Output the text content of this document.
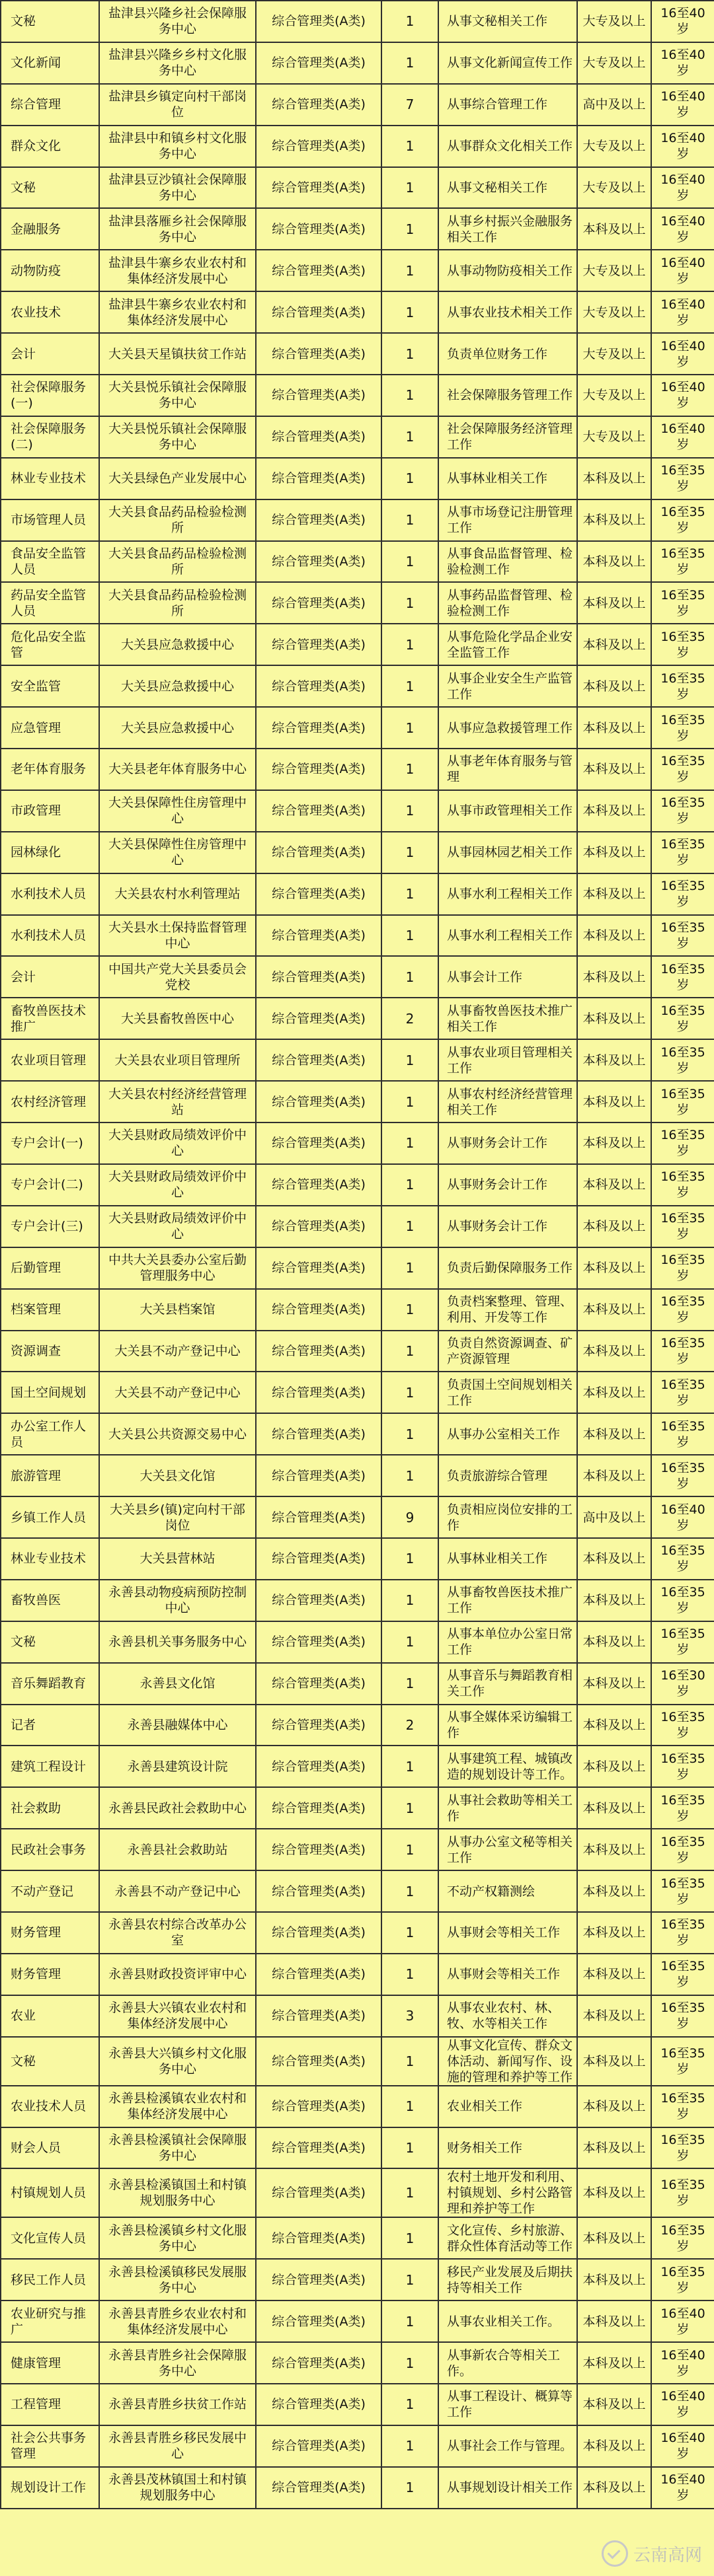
文秘	盐津县兴隆乡社会保障服务中心	综合管理类(A类)	1	从事文秘相关工作	大专及以上	16至40岁
文化新闻	盐津县兴隆乡乡村文化服务中心	综合管理类(A类)	1	从事文化新闻宣传工作	大专及以上	16至40岁
综合管理	盐津县乡镇定向村干部岗位	综合管理类(A类)	7	从事综合管理工作	高中及以上	16至40岁
群众文化	盐津县中和镇乡村文化服务中心	综合管理类(A类)	1	从事群众文化相关工作	大专及以上	16至40岁
文秘	盐津县豆沙镇社会保障服务中心	综合管理类(A类)	1	从事文秘相关工作	大专及以上	16至40岁
金融服务	盐津县落雁乡社会保障服务中心	综合管理类(A类)	1	从事乡村振兴金融服务相关工作	本科及以上	16至40岁
动物防疫	盐津县牛寨乡农业农村和集体经济发展中心	综合管理类(A类)	1	从事动物防疫相关工作	大专及以上	16至40岁
农业技术	盐津县牛寨乡农业农村和集体经济发展中心	综合管理类(A类)	1	从事农业技术相关工作	大专及以上	16至40岁
会计	大关县天星镇扶贫工作站	综合管理类(A类)	1	负责单位财务工作	大专及以上	16至40岁
社会保障服务(一)	大关县悦乐镇社会保障服务中心	综合管理类(A类)	1	社会保障服务管理工作	大专及以上	16至40岁
社会保障服务(二)	大关县悦乐镇社会保障服务中心	综合管理类(A类)	1	社会保障服务经济管理工作	大专及以上	16至40岁
林业专业技术	大关县绿色产业发展中心	综合管理类(A类)	1	从事林业相关工作	本科及以上	16至35岁
市场管理人员	大关县食品药品检验检测所	综合管理类(A类)	1	从事市场登记注册管理工作	本科及以上	16至35岁
食品安全监管人员	大关县食品药品检验检测所	综合管理类(A类)	1	从事食品监督管理、检验检测工作	本科及以上	16至35岁
药品安全监管人员	大关县食品药品检验检测所	综合管理类(A类)	1	从事药品监督管理、检验检测工作	本科及以上	16至35岁
危化品安全监管	大关县应急救援中心	综合管理类(A类)	1	从事危险化学品企业安全监管工作	本科及以上	16至35岁
安全监管	大关县应急救援中心	综合管理类(A类)	1	从事企业安全生产监管工作	本科及以上	16至35岁
应急管理	大关县应急救援中心	综合管理类(A类)	1	从事应急救援管理工作	本科及以上	16至35岁
老年体育服务	大关县老年体育服务中心	综合管理类(A类)	1	从事老年体育服务与管理	本科及以上	16至35岁
市政管理	大关县保障性住房管理中心	综合管理类(A类)	1	从事市政管理相关工作	本科及以上	16至35岁
园林绿化	大关县保障性住房管理中心	综合管理类(A类)	1	从事园林园艺相关工作	本科及以上	16至35岁
水利技术人员	大关县农村水利管理站	综合管理类(A类)	1	从事水利工程相关工作	本科及以上	16至35岁
水利技术人员	大关县水土保持监督管理中心	综合管理类(A类)	1	从事水利工程相关工作	本科及以上	16至35岁
会计	中国共产党大关县委员会党校	综合管理类(A类)	1	从事会计工作	本科及以上	16至35岁
畜牧兽医技术推广	大关县畜牧兽医中心	综合管理类(A类)	2	从事畜牧兽医技术推广相关工作	本科及以上	16至35岁
农业项目管理	大关县农业项目管理所	综合管理类(A类)	1	从事农业项目管理相关工作	本科及以上	16至35岁
农村经济管理	大关县农村经济经营管理站	综合管理类(A类)	1	从事农村经济经营管理相关工作	本科及以上	16至35岁
专户会计(一)	大关县财政局绩效评价中心	综合管理类(A类)	1	从事财务会计工作	本科及以上	16至35岁
专户会计(二)	大关县财政局绩效评价中心	综合管理类(A类)	1	从事财务会计工作	本科及以上	16至35岁
专户会计(三)	大关县财政局绩效评价中心	综合管理类(A类)	1	从事财务会计工作	本科及以上	16至35岁
后勤管理	中共大关县委办公室后勤管理服务中心	综合管理类(A类)	1	负责后勤保障服务工作	本科及以上	16至35岁
档案管理	大关县档案馆	综合管理类(A类)	1	负责档案整理、管理、利用、开发等工作	本科及以上	16至35岁
资源调查	大关县不动产登记中心	综合管理类(A类)	1	负责自然资源调查、矿产资源管理	本科及以上	16至35岁
国土空间规划	大关县不动产登记中心	综合管理类(A类)	1	负责国土空间规划相关工作	本科及以上	16至35岁
办公室工作人员	大关县公共资源交易中心	综合管理类(A类)	1	从事办公室相关工作	本科及以上	16至35岁
旅游管理	大关县文化馆	综合管理类(A类)	1	负责旅游综合管理	本科及以上	16至35岁
乡镇工作人员	大关县乡(镇)定向村干部岗位	综合管理类(A类)	9	负责相应岗位安排的工作	高中及以上	16至40岁
林业专业技术	大关县营林站	综合管理类(A类)	1	从事林业相关工作	本科及以上	16至35岁
畜牧兽医	永善县动物疫病预防控制中心	综合管理类(A类)	1	从事畜牧兽医技术推广工作	本科及以上	16至35岁
文秘	永善县机关事务服务中心	综合管理类(A类)	1	从事本单位办公室日常工作	本科及以上	16至35岁
音乐舞蹈教育	永善县文化馆	综合管理类(A类)	1	从事音乐与舞蹈教育相关工作	本科及以上	16至30岁
记者	永善县融媒体中心	综合管理类(A类)	2	从事全媒体采访编辑工作	本科及以上	16至35岁
建筑工程设计	永善县建筑设计院	综合管理类(A类)	1	从事建筑工程、城镇改造的规划设计等工作。	本科及以上	16至35岁
社会救助	永善县民政社会救助中心	综合管理类(A类)	1	从事社会救助等相关工作	本科及以上	16至35岁
民政社会事务	永善县社会救助站	综合管理类(A类)	1	从事办公室文秘等相关工作	本科及以上	16至35岁
不动产登记	永善县不动产登记中心	综合管理类(A类)	1	不动产权籍测绘	本科及以上	16至35岁
财务管理	永善县农村综合改革办公室	综合管理类(A类)	1	从事财会等相关工作	本科及以上	16至35岁
财务管理	永善县财政投资评审中心	综合管理类(A类)	1	从事财会等相关工作	本科及以上	16至35岁
农业	永善县大兴镇农业农村和集体经济发展中心	综合管理类(A类)	3	从事农业农村、林、牧、水等相关工作	本科及以上	16至35岁
文秘	永善县大兴镇乡村文化服务中心	综合管理类(A类)	1	从事文化宣传、群众文体活动、新闻写作、设施的管理和养护等工作	本科及以上	16至35岁
农业技术人员	永善县检溪镇农业农村和集体经济发展中心	综合管理类(A类)	1	农业相关工作	本科及以上	16至35岁
财会人员	永善县检溪镇社会保障服务中心	综合管理类(A类)	1	财务相关工作	本科及以上	16至35岁
村镇规划人员	永善县检溪镇国土和村镇规划服务中心	综合管理类(A类)	1	农村土地开发和利用、村镇规划、乡村公路管理和养护等工作	本科及以上	16至35岁
文化宣传人员	永善县检溪镇乡村文化服务中心	综合管理类(A类)	1	文化宣传、乡村旅游、群众性体育活动等工作	本科及以上	16至35岁
移民工作人员	永善县检溪镇移民发展服务中心	综合管理类(A类)	1	移民产业发展及后期扶持等相关工作	本科及以上	16至35岁
农业研究与推广	永善县青胜乡农业农村和集体经济发展中心	综合管理类(A类)	1	从事农业相关工作。	本科及以上	16至40岁
健康管理	永善县青胜乡社会保障服务中心	综合管理类(A类)	1	从事新农合等相关工作。	本科及以上	16至40岁
工程管理	永善县青胜乡扶贫工作站	综合管理类(A类)	1	从事工程设计、概算等工作	本科及以上	16至40岁
社会公共事务管理	永善县青胜乡移民发展中心	综合管理类(A类)	1	从事社会工作与管理。	本科及以上	16至40岁
规划设计工作	永善县茂林镇国土和村镇规划服务中心	综合管理类(A类)	1	从事规划设计相关工作	本科及以上	16至40岁
云南高网
